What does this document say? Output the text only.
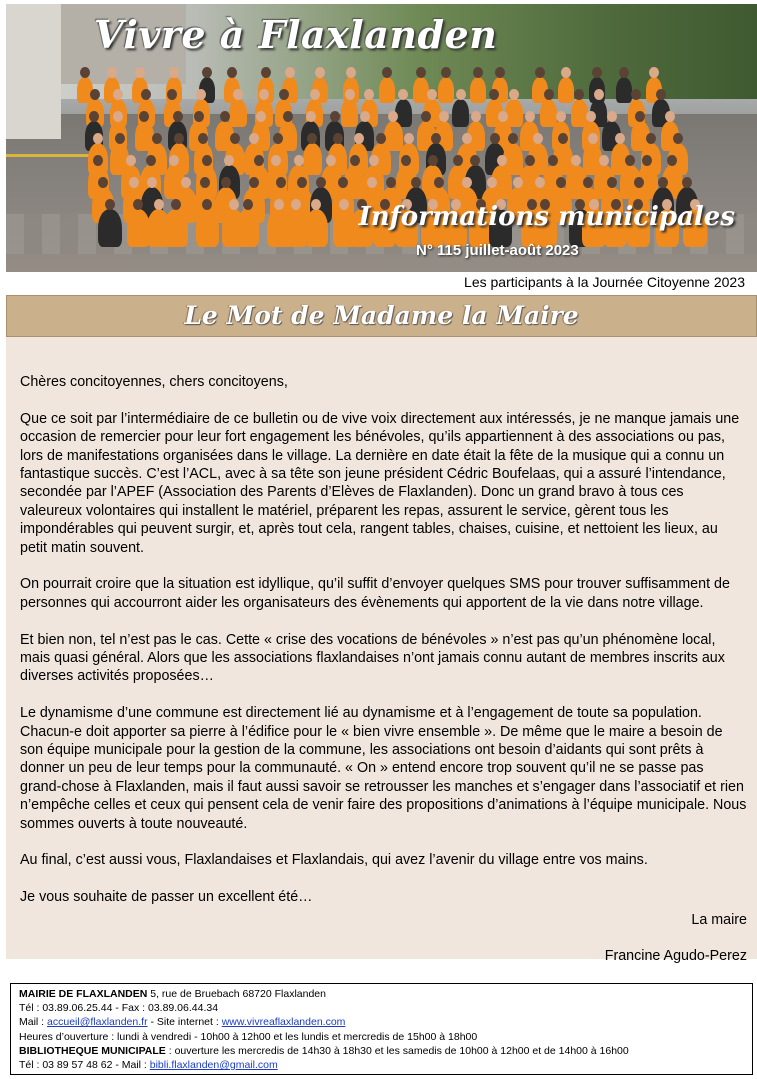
Vivre à Flaxlanden
Informations municipales
N° 115 juillet-août 2023
Les participants à la Journée Citoyenne 2023
Le Mot de Madame la Maire

Chères concitoyennes, chers concitoyens,

Que ce soit par l’intermédiaire de ce bulletin ou de vive voix directement aux intéressés, je ne manque jamais une occasion de remercier pour leur fort engagement les bénévoles, qu’ils appartiennent à des associations ou pas, lors de manifestations organisées dans le village. La dernière en date était la fête de la musique qui a connu un fantastique succès. C’est l’ACL, avec à sa tête son jeune président Cédric Boufelaas, qui a assuré l’intendance, secondée par l’APEF (Association des Parents d’Elèves de Flaxlanden). Donc un grand bravo à tous ces valeureux volontaires qui installent le matériel, préparent les repas, assurent le service, gèrent tous les impondérables qui peuvent surgir, et, après tout cela, rangent tables, chaises, cuisine, et nettoient les lieux, au petit matin souvent.

On pourrait croire que la situation est idyllique, qu’il suffit d’envoyer quelques SMS pour trouver suffisamment de personnes qui accourront aider les organisateurs des évènements qui apportent de la vie dans notre village.

Et bien non, tel n’est pas le cas. Cette « crise des vocations de bénévoles » n’est pas qu’un phénomène local, mais quasi général. Alors que les associations flaxlandaises n’ont jamais connu autant de membres inscrits aux diverses activités proposées…

Le dynamisme d’une commune est directement lié au dynamisme et à l’engagement de toute sa population. Chacun-e doit apporter sa pierre à l’édifice pour le « bien vivre ensemble ». De même que le maire a besoin de son équipe municipale pour la gestion de la commune, les associations ont besoin d’aidants qui sont prêts à donner un peu de leur temps pour la communauté. « On » entend encore trop souvent qu’il ne se passe pas grand-chose à Flaxlanden, mais il faut aussi savoir se retrousser les manches et s’engager dans l’associatif et rien n’empêche celles et ceux qui pensent cela de venir faire des propositions d’animations à l’équipe municipale. Nous sommes ouverts à toute nouveauté.

Au final, c’est aussi vous, Flaxlandaises et Flaxlandais, qui avez l’avenir du village entre vos mains.

Je vous souhaite de passer un excellent été…

La maire

Francine Agudo-Perez

MAIRIE DE FLAXLANDEN 5, rue de Bruebach 68720 Flaxlanden
Tél : 03.89.06.25.44 - Fax : 03.89.06.44.34
Mail : accueil@flaxlanden.fr - Site internet : www.vivreaflaxlanden.com
Heures d’ouverture : lundi à vendredi - 10h00 à 12h00 et les lundis et mercredis de 15h00 à 18h00
BIBLIOTHEQUE MUNICIPALE : ouverture les mercredis de 14h30 à 18h30 et les samedis de 10h00 à 12h00 et de 14h00 à 16h00
Tél : 03 89 57 48 62 - Mail : bibli.flaxlanden@gmail.com
